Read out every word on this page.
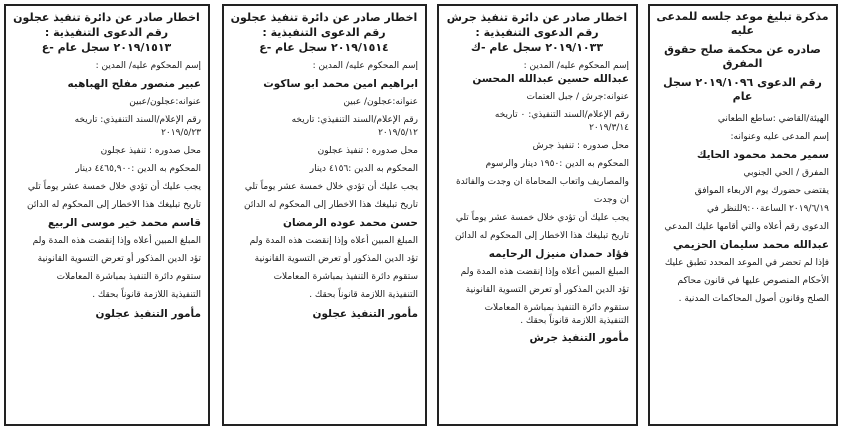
مذكرة تبليغ موعد جلسه للمدعى عليه

صادره عن محكمة صلح حقوق المفرق

رقم الدعوى ٢٠١٩/١٠٩٦ سجل عام

الهيئة/القاضي :ساطع الطعاني

إسم المدعى عليه وعنوانه:

سمير محمد محمود الحايك

المفرق / الحي الجنوبي

يقتضى حضورك يوم الاربعاء الموافق

٢٠١٩/٦/١٩ الساعة٩:٠٠للنظر في

الدعوى رقم أعلاه والتي أقامها عليك المدعي

عبدالله محمد سليمان الحزيمي

فإذا لم تحضر في الموعد المحدد تطبق عليك

الأحكام المنصوص عليها في قانون محاكم

الصلح وقانون أصول المحاكمات المدنية .

اخطار صادر عن دائرة تنفيذ جرش

رقم الدعوى التنفيذية :

٢٠١٩/١٠٣٣ سجل عام -ك

إسم المحكوم عليه/ المدين :

عبدالله حسين عبدالله المحسن

عنوانه:جرش / جبل العتمات

رقم الإعلام/السند التنفيذي: ٠ تاريخه

٢٠١٩/٣/١٤

محل صدوره : تنفيذ جرش

المحكوم به الدين :١٩٥٠ دينار والرسوم

والمصاريف واتعاب المحاماة ان وجدت والفائدة

ان وجدت

يجب عليك أن تؤدي خلال خمسة عشر يوماً تلي

تاريخ تبليغك هذا الاخطار إلى المحكوم له الدائن

فؤاد حمدان منيزل الرحايمه

المبلغ المبين أعلاه وإذا إنقضت هذه المدة ولم

تؤد الدين المذكور أو تعرض التسوية القانونية

ستقوم دائرة التنفيذ بمباشرة المعاملات

التنفيذية اللازمة قانوناً بحقك .

مأمور التنفيذ جرش

اخطار صادر عن دائرة تنفيذ عجلون

رقم الدعوى التنفيذية :

٢٠١٩/١٥١٤ سجل عام -ع

إسم المحكوم عليه/ المدين :

ابراهيم امين محمد ابو ساكوت

عنوانه:عجلون/ عبين

رقم الإعلام/السند التنفيذي: تاريخه

٢٠١٩/٥/١٢

محل صدوره : تنفيذ عجلون

المحكوم به الدين :٤١٥٦ دينار

يجب عليك أن تؤدي خلال خمسة عشر يوماً تلي

تاريخ تبليغك هذا الاخطار إلى المحكوم له الدائن

حسن محمد عوده الرمضان

المبلغ المبين أعلاه وإذا إنقضت هذه المدة ولم

تؤد الدين المذكور أو تعرض التسوية القانونية

ستقوم دائرة التنفيذ بمباشرة المعاملات

التنفيذية اللازمة قانوناً بحقك .

مأمور التنفيذ عجلون

اخطار صادر عن دائرة تنفيذ عجلون

رقم الدعوى التنفيذية :

٢٠١٩/١٥١٣ سجل عام -ع

إسم المحكوم عليه/ المدين :

عبير منصور مفلح الهباهبه

عنوانه:عجلون/عبين

رقم الإعلام/السند التنفيذي: تاريخه

٢٠١٩/٥/٢٣

محل صدوره : تنفيذ عجلون

المحكوم به الدين :٤٤٦٥,٩٠٠ دينار

يجب عليك أن تؤدي خلال خمسة عشر يوماً تلي

تاريخ تبليغك هذا الاخطار إلى المحكوم له الدائن

قاسم محمد خير موسى الربيع

المبلغ المبين أعلاه وإذا إنقضت هذه المدة ولم

تؤد الدين المذكور أو تعرض التسوية القانونية

ستقوم دائرة التنفيذ بمباشرة المعاملات

التنفيذية اللازمة قانوناً بحقك .

مأمور التنفيذ عجلون
